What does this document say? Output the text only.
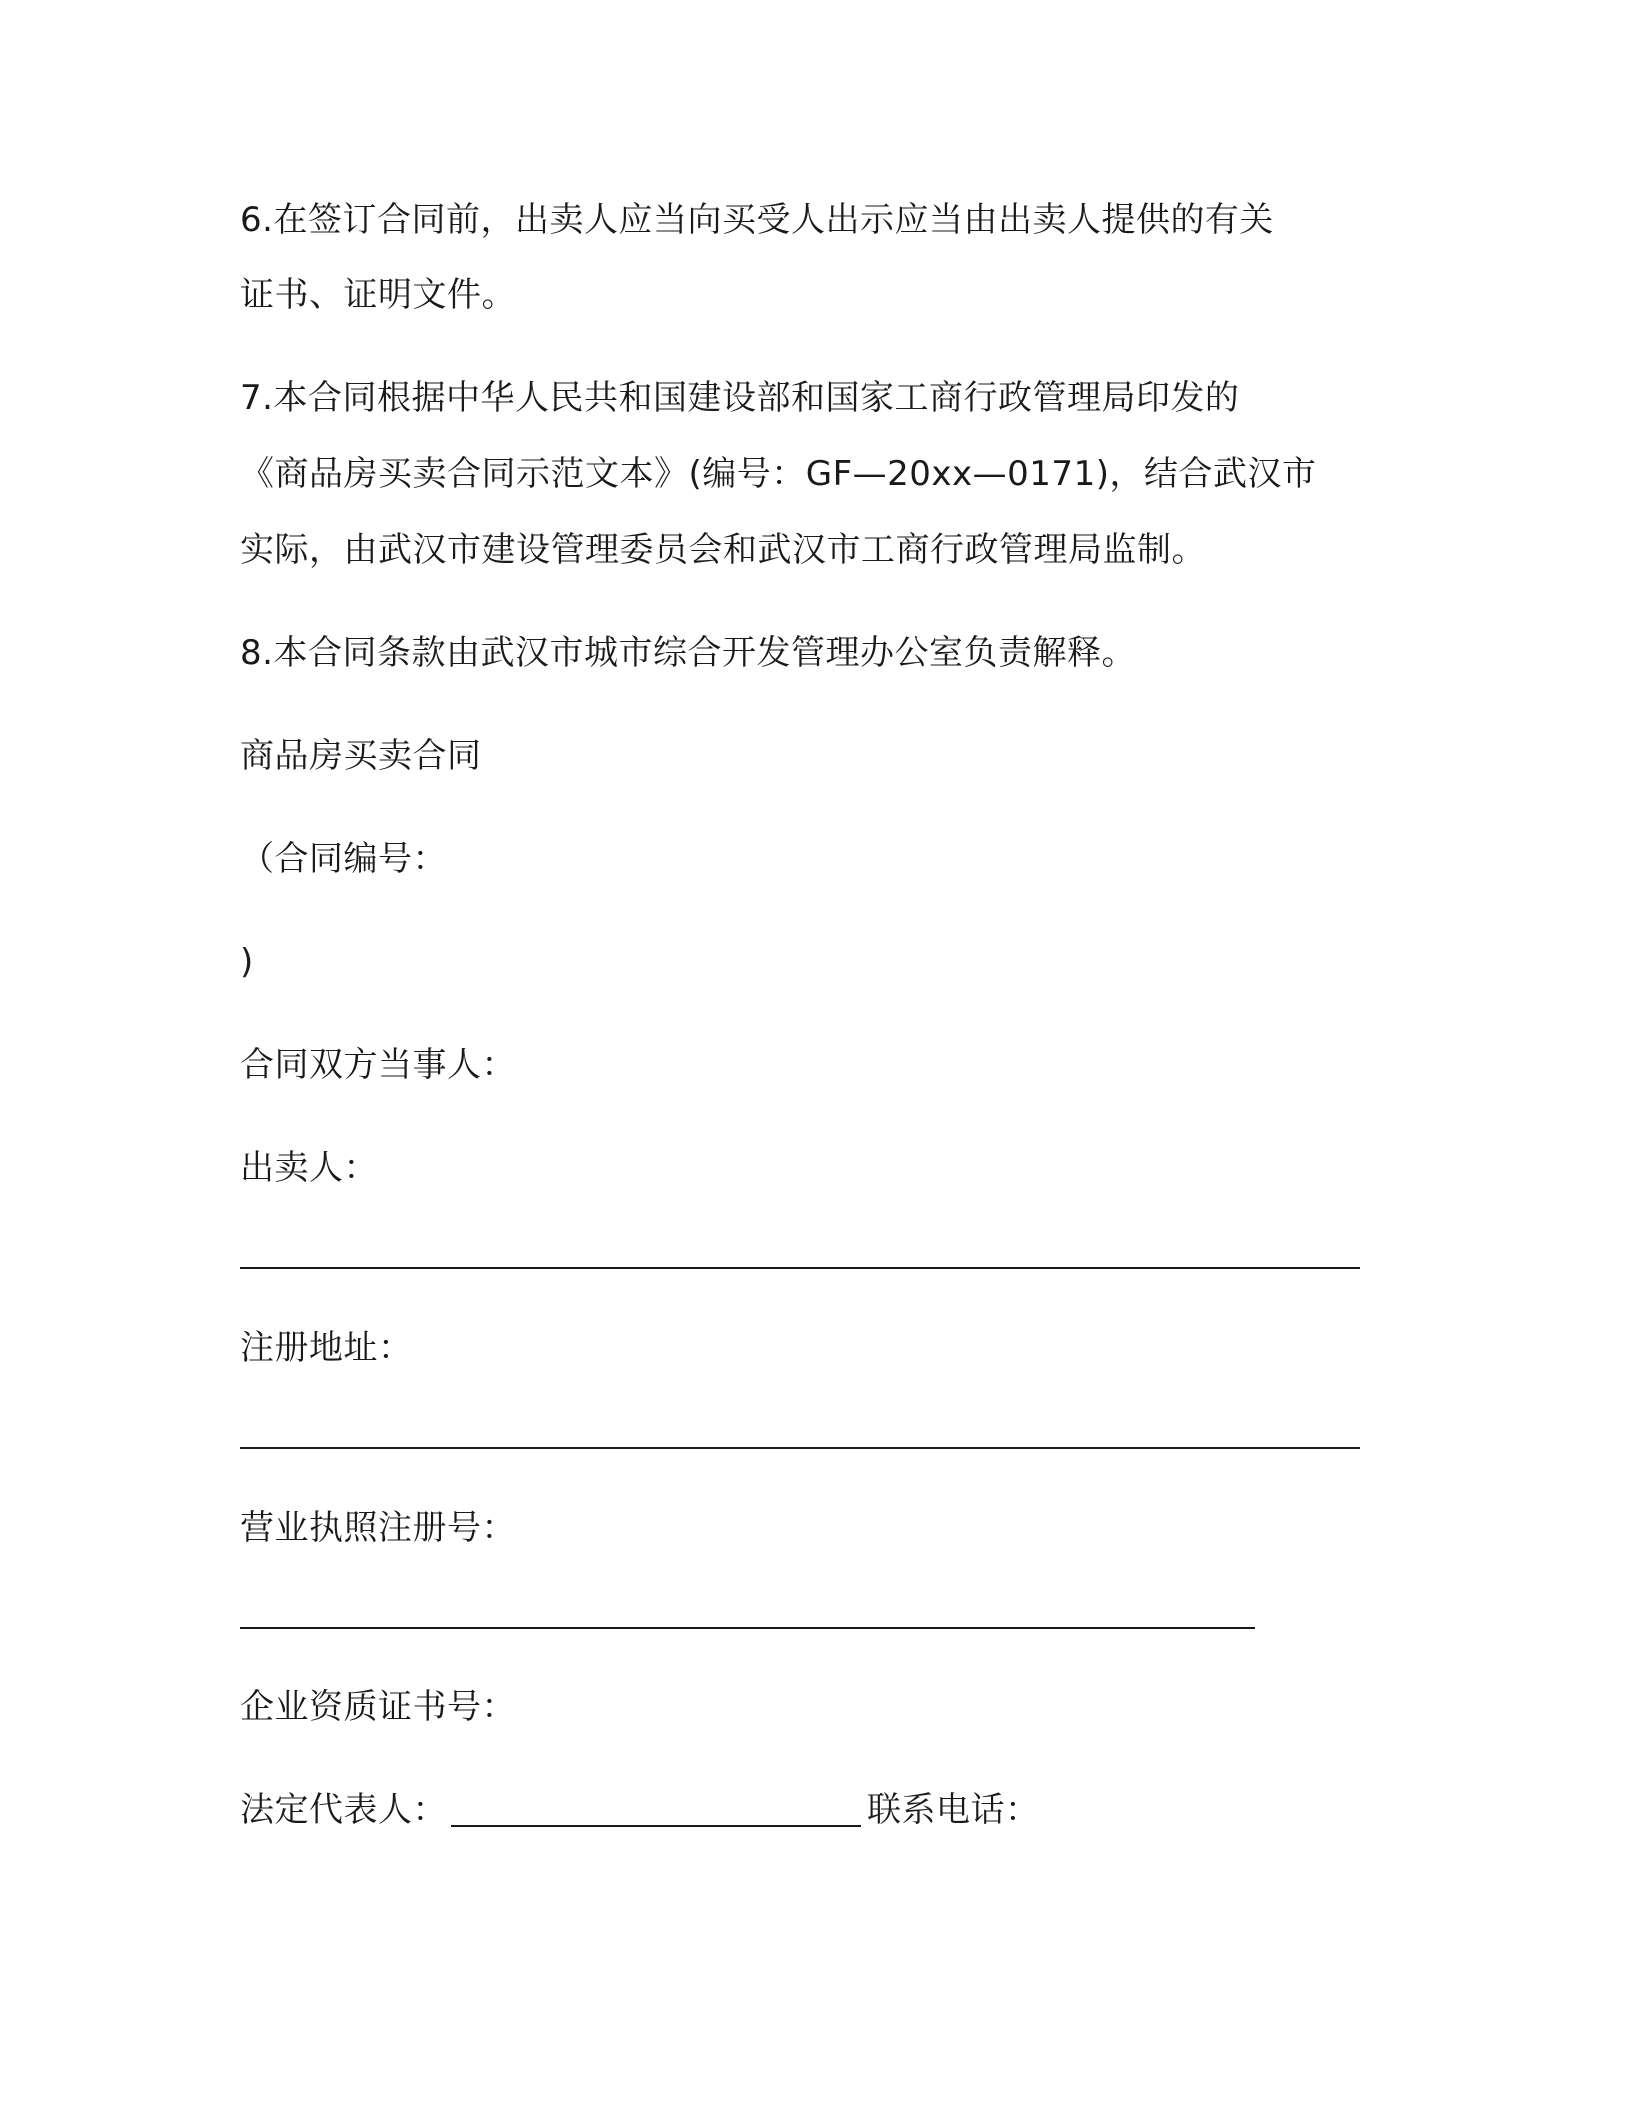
6.在签订合同前，出卖人应当向买受人出示应当由出卖人提供的有关

证书、证明文件。

7.本合同根据中华人民共和国建设部和国家工商行政管理局印发的

《商品房买卖合同示范文本》(编号：GF—20xx—0171)，结合武汉市

实际，由武汉市建设管理委员会和武汉市工商行政管理局监制。

8.本合同条款由武汉市城市综合开发管理办公室负责解释。

商品房买卖合同

（合同编号：

)

合同双方当事人：

出卖人：

注册地址：

营业执照注册号：

企业资质证书号：

法定代表人：	联系电话：
